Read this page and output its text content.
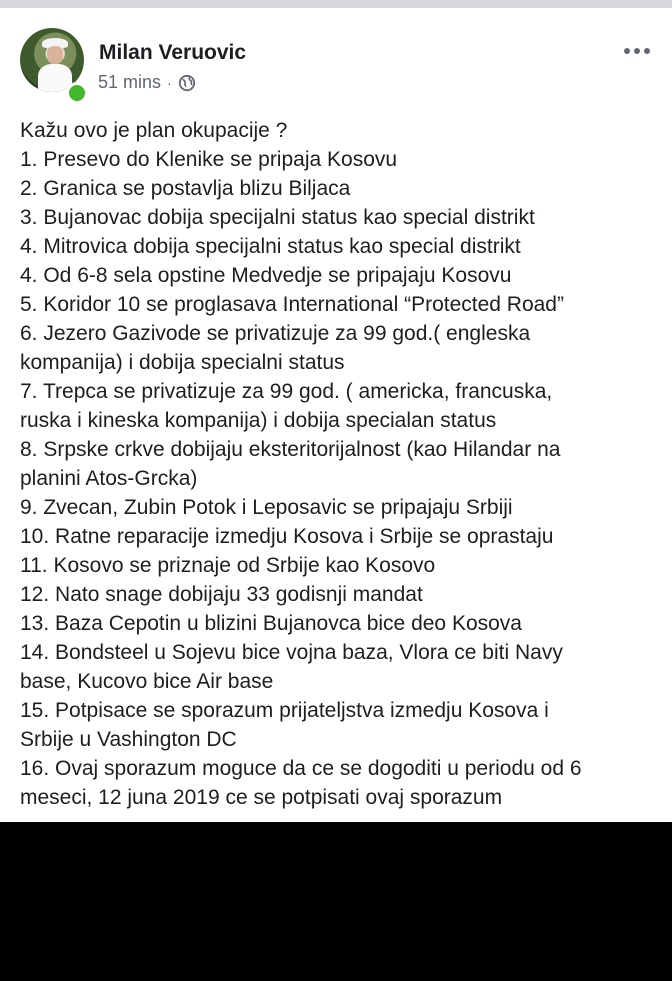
Milan Veruovic
51 mins ·
Kažu ovo je plan okupacije ?
1. Presevo do Klenike se pripaja Kosovu
2. Granica se postavlja blizu Biljaca
3. Bujanovac dobija specijalni status kao special distrikt
4. Mitrovica dobija specijalni status kao special distrikt
4. Od 6-8 sela opstine Medvedje se pripajaju Kosovu
5. Koridor 10 se proglasava International “Protected Road”
6. Jezero Gazivode se privatizuje za 99 god.( engleska
kompanija) i dobija specialni status
7. Trepca se privatizuje za 99 god. ( americka, francuska,
ruska i kineska kompanija) i dobija specialan status
8. Srpske crkve dobijaju eksteritorijalnost (kao Hilandar na
planini Atos-Grcka)
9. Zvecan, Zubin Potok i Leposavic se pripajaju Srbiji
10. Ratne reparacije izmedju Kosova i Srbije se oprastaju
11. Kosovo se priznaje od Srbije kao Kosovo
12. Nato snage dobijaju 33 godisnji mandat
13. Baza Cepotin u blizini Bujanovca bice deo Kosova
14. Bondsteel u Sojevu bice vojna baza, Vlora ce biti Navy
base, Kucovo bice Air base
15. Potpisace se sporazum prijateljstva izmedju Kosova i
Srbije u Vashington DC
16. Ovaj sporazum moguce da ce se dogoditi u periodu od 6
meseci, 12 juna 2019 ce se potpisati ovaj sporazum
